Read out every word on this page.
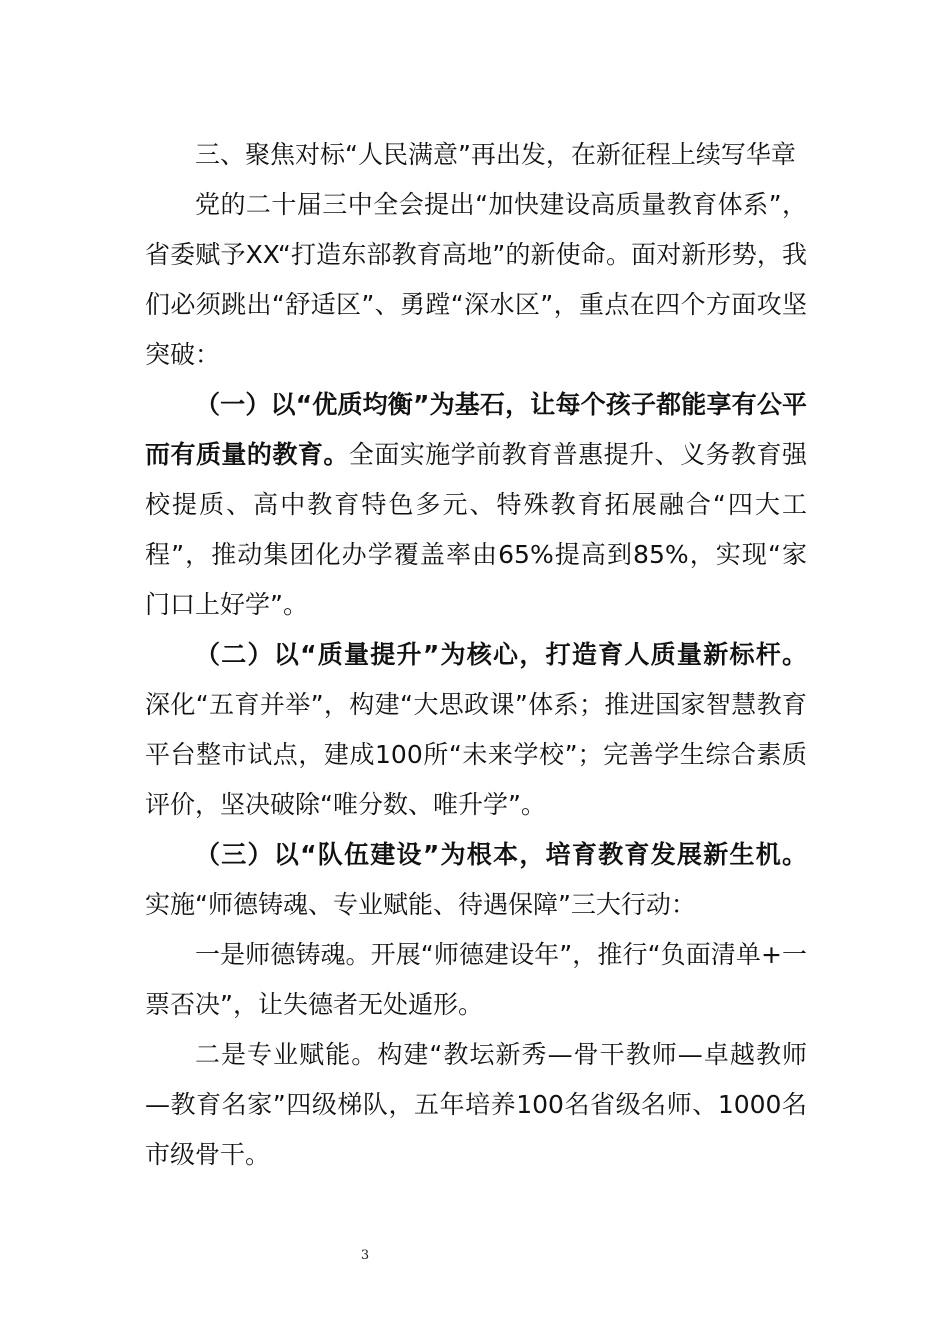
三、聚焦对标“人民满意”再出发，在新征程上续写华章

党的二十届三中全会提出“加快建设高质量教育体系”，省委赋予XX“打造东部教育高地”的新使命。面对新形势，我们必须跳出“舒适区”、勇蹚“深水区”，重点在四个方面攻坚突破：

（一）以“优质均衡”为基石，让每个孩子都能享有公平而有质量的教育。全面实施学前教育普惠提升、义务教育强校提质、高中教育特色多元、特殊教育拓展融合“四大工程”，推动集团化办学覆盖率由65%提高到85%，实现“家门口上好学”。

（二）以“质量提升”为核心，打造育人质量新标杆。 深化“五育并举”，构建“大思政课”体系；推进国家智慧教育平台整市试点，建成100所“未来学校”；完善学生综合素质评价，坚决破除“唯分数、唯升学”。

（三）以“队伍建设”为根本，培育教育发展新生机。 实施“师德铸魂、专业赋能、待遇保障”三大行动：

一是师德铸魂。开展“师德建设年”，推行“负面清单+一票否决”，让失德者无处遁形。

二是专业赋能。构建“教坛新秀—骨干教师—卓越教师—教育名家”四级梯队，五年培养100名省级名师、1000名市级骨干。

3
